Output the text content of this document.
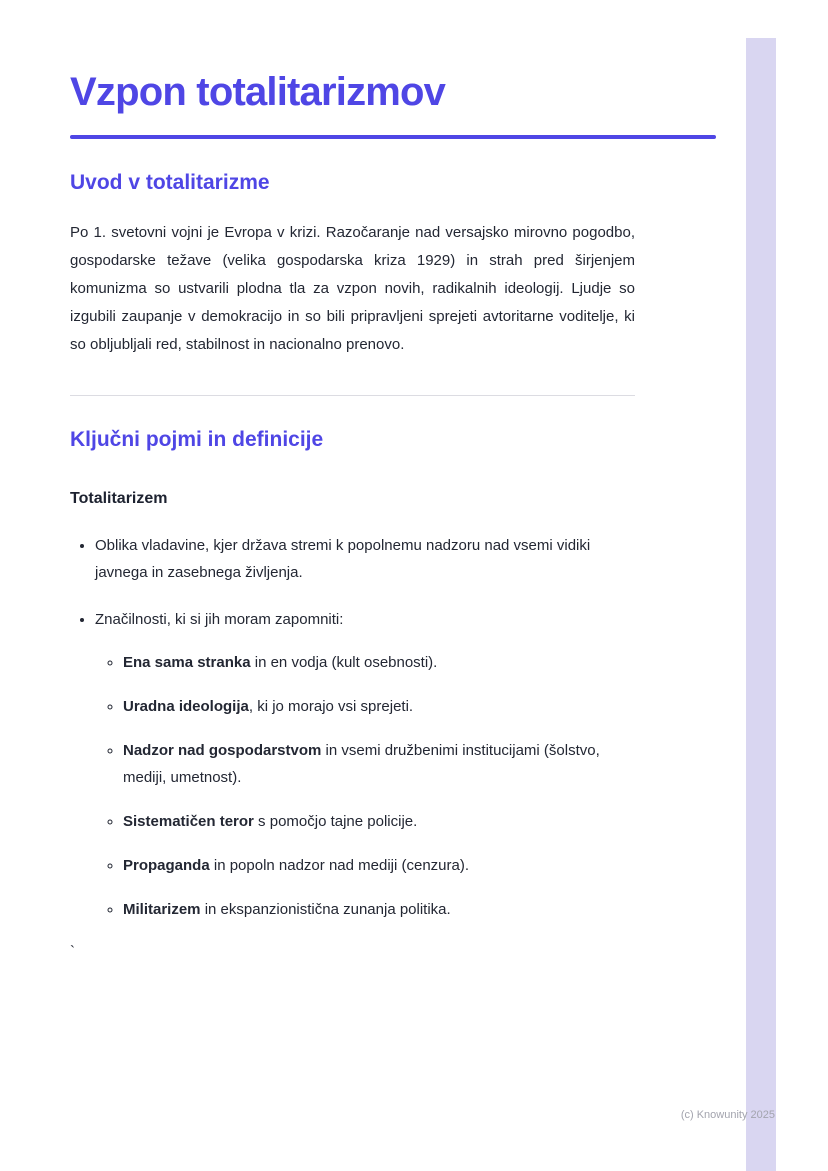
Vzpon totalitarizmov
Uvod v totalitarizme

Po 1. svetovni vojni je Evropa v krizi. Razočaranje nad versajsko mirovno pogodbo, gospodarske težave (velika gospodarska kriza 1929) in strah pred širjenjem komunizma so ustvarili plodna tla za vzpon novih, radikalnih ideologij. Ljudje so izgubili zaupanje v demokracijo in so bili pripravljeni sprejeti avtoritarne voditelje, ki so obljubljali red, stabilnost in nacionalno prenovo.

Ključni pojmi in definicije
Totalitarizem
• Oblika vladavine, kjer država stremi k popolnemu nadzoru nad vsemi vidiki javnega in zasebnega življenja.
• Značilnosti, ki si jih moram zapomniti:
◦ Ena sama stranka in en vodja (kult osebnosti).
◦ Uradna ideologija, ki jo morajo vsi sprejeti.
◦ Nadzor nad gospodarstvom in vsemi družbenimi institucijami (šolstvo, mediji, umetnost).
◦ Sistematičen teror s pomočjo tajne policije.
◦ Propaganda in popoln nadzor nad mediji (cenzura).
◦ Militarizem in ekspanzionistična zunanja politika.
`
(c) Knowunity 2025
